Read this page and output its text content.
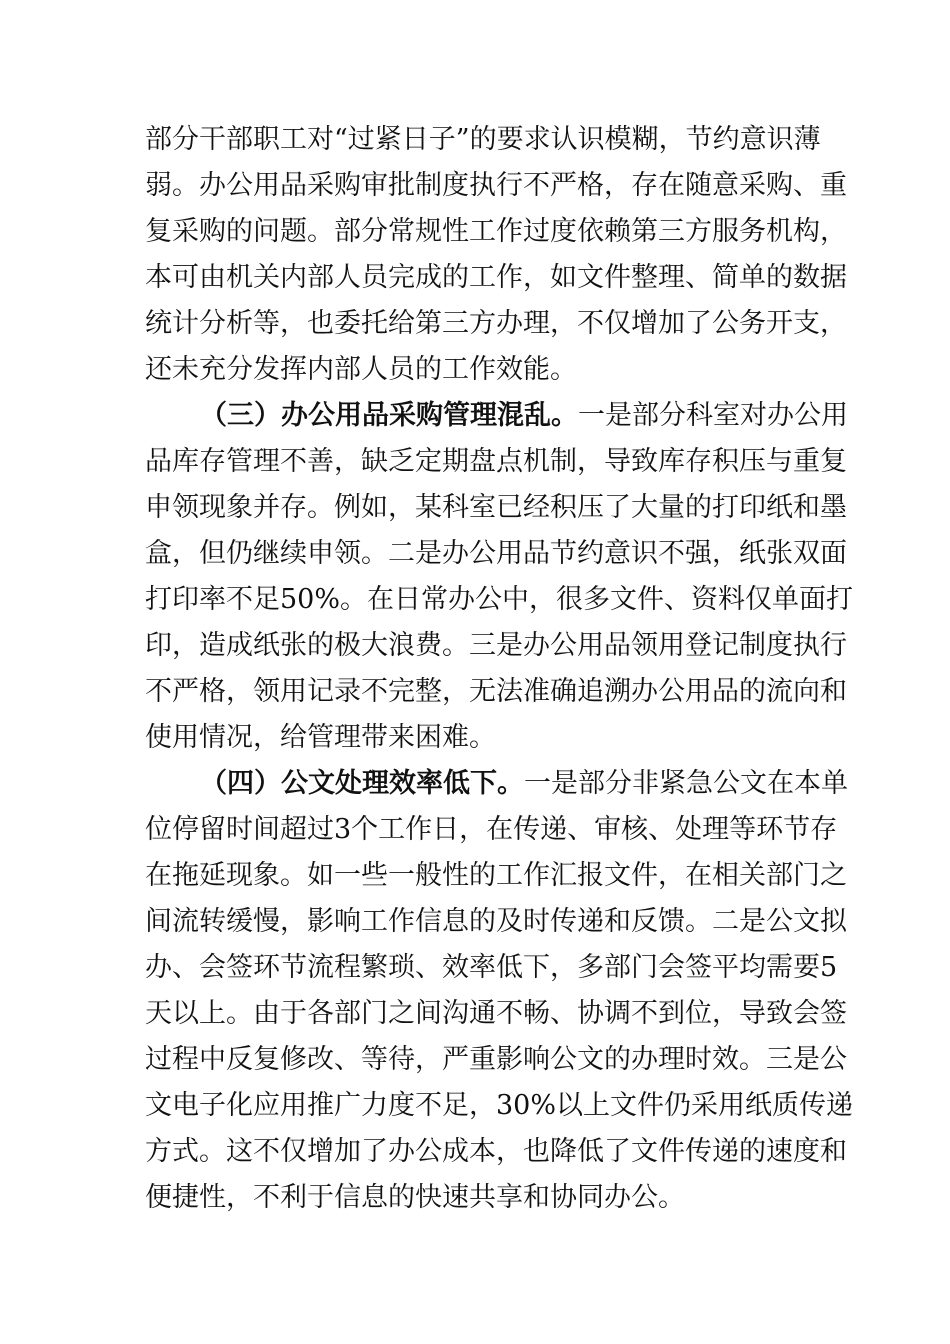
部分干部职工对“过紧日子”的要求认识模糊，节约意识薄
弱。办公用品采购审批制度执行不严格，存在随意采购、重
复采购的问题。部分常规性工作过度依赖第三方服务机构，
本可由机关内部人员完成的工作，如文件整理、简单的数据
统计分析等，也委托给第三方办理，不仅增加了公务开支，
还未充分发挥内部人员的工作效能。
（三）办公用品采购管理混乱。一是部分科室对办公用
品库存管理不善，缺乏定期盘点机制，导致库存积压与重复
申领现象并存。例如，某科室已经积压了大量的打印纸和墨
盒，但仍继续申领。二是办公用品节约意识不强，纸张双面
打印率不足50%。在日常办公中，很多文件、资料仅单面打
印，造成纸张的极大浪费。三是办公用品领用登记制度执行
不严格，领用记录不完整，无法准确追溯办公用品的流向和
使用情况，给管理带来困难。
（四）公文处理效率低下。一是部分非紧急公文在本单
位停留时间超过3个工作日，在传递、审核、处理等环节存
在拖延现象。如一些一般性的工作汇报文件，在相关部门之
间流转缓慢，影响工作信息的及时传递和反馈。二是公文拟
办、会签环节流程繁琐、效率低下，多部门会签平均需要5
天以上。由于各部门之间沟通不畅、协调不到位，导致会签
过程中反复修改、等待，严重影响公文的办理时效。三是公
文电子化应用推广力度不足，30%以上文件仍采用纸质传递
方式。这不仅增加了办公成本，也降低了文件传递的速度和
便捷性，不利于信息的快速共享和协同办公。
